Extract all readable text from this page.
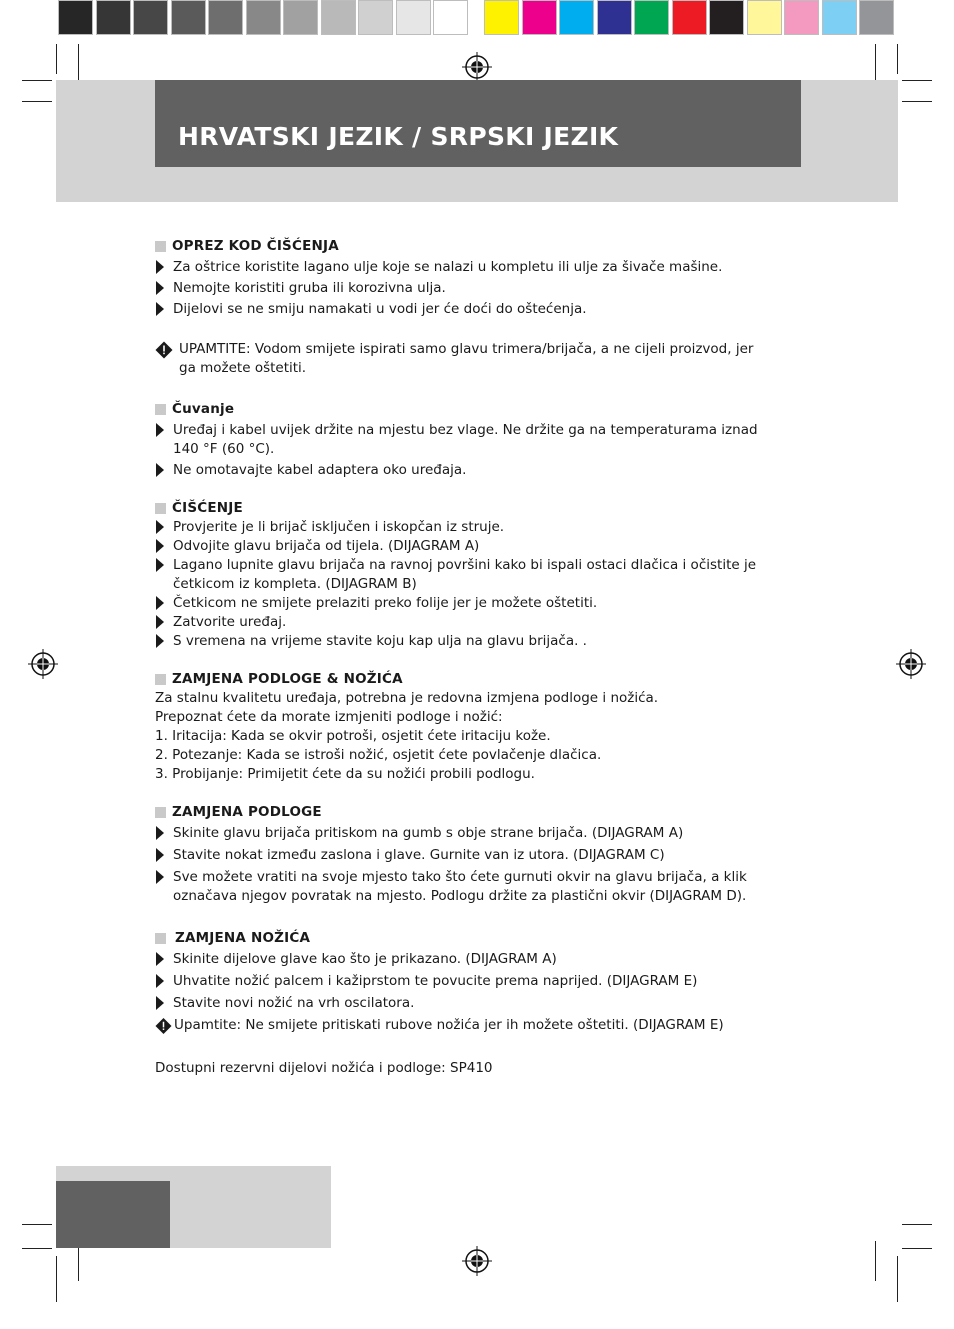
HRVATSKI JEZIK / SRPSKI JEZIK
OPREZ KOD ČIŠĆENJA
Za oštrice koristite lagano ulje koje se nalazi u kompletu ili ulje za šivače mašine.
Nemojte koristiti gruba ili korozivna ulja.
Dijelovi se ne smiju namakati u vodi jer će doći do oštećenja.
UPAMTITE: Vodom smijete ispirati samo glavu trimera/brijača, a ne cijeli proizvod, jer ga možete oštetiti.
Čuvanje
Uređaj i kabel uvijek držite na mjestu bez vlage. Ne držite ga na temperaturama iznad 140 °F (60 °C).
Ne omotavajte kabel adaptera oko uređaja.
ČIŠĆENJE
Provjerite je li brijač isključen i iskopčan iz struje.
Odvojite glavu brijača od tijela. (DIJAGRAM A)
Lagano lupnite glavu brijača na ravnoj površini kako bi ispali ostaci dlačica i očistite je četkicom iz kompleta. (DIJAGRAM B)
Četkicom ne smijete prelaziti preko folije jer je možete oštetiti.
Zatvorite uređaj.
S vremena na vrijeme stavite koju kap ulja na glavu brijača. .
ZAMJENA PODLOGE & NOŽIĆA
Za stalnu kvalitetu uređaja, potrebna je redovna izmjena podloge i nožića.
Prepoznat ćete da morate izmjeniti podloge i nožić:
1. Iritacija: Kada se okvir potroši, osjetit ćete iritaciju kože.
2. Potezanje: Kada se istroši nožić, osjetit ćete povlačenje dlačica.
3. Probijanje: Primijetit ćete da su nožići probili podlogu.
ZAMJENA PODLOGE
Skinite glavu brijača pritiskom na gumb s obje strane brijača. (DIJAGRAM A)
Stavite nokat između zaslona i glave. Gurnite van iz utora. (DIJAGRAM C)
Sve možete vratiti na svoje mjesto tako što ćete gurnuti okvir na glavu brijača, a klik označava njegov povratak na mjesto. Podlogu držite za plastični okvir (DIJAGRAM D).
ZAMJENA NOŽIĆA
Skinite dijelove glave kao što je prikazano. (DIJAGRAM A)
Uhvatite nožić palcem i kažiprstom te povucite prema naprijed. (DIJAGRAM E)
Stavite novi nožić na vrh oscilatora.
Upamtite: Ne smijete pritiskati rubove nožića jer ih možete oštetiti. (DIJAGRAM E)
Dostupni rezervni dijelovi nožića i podloge: SP410
